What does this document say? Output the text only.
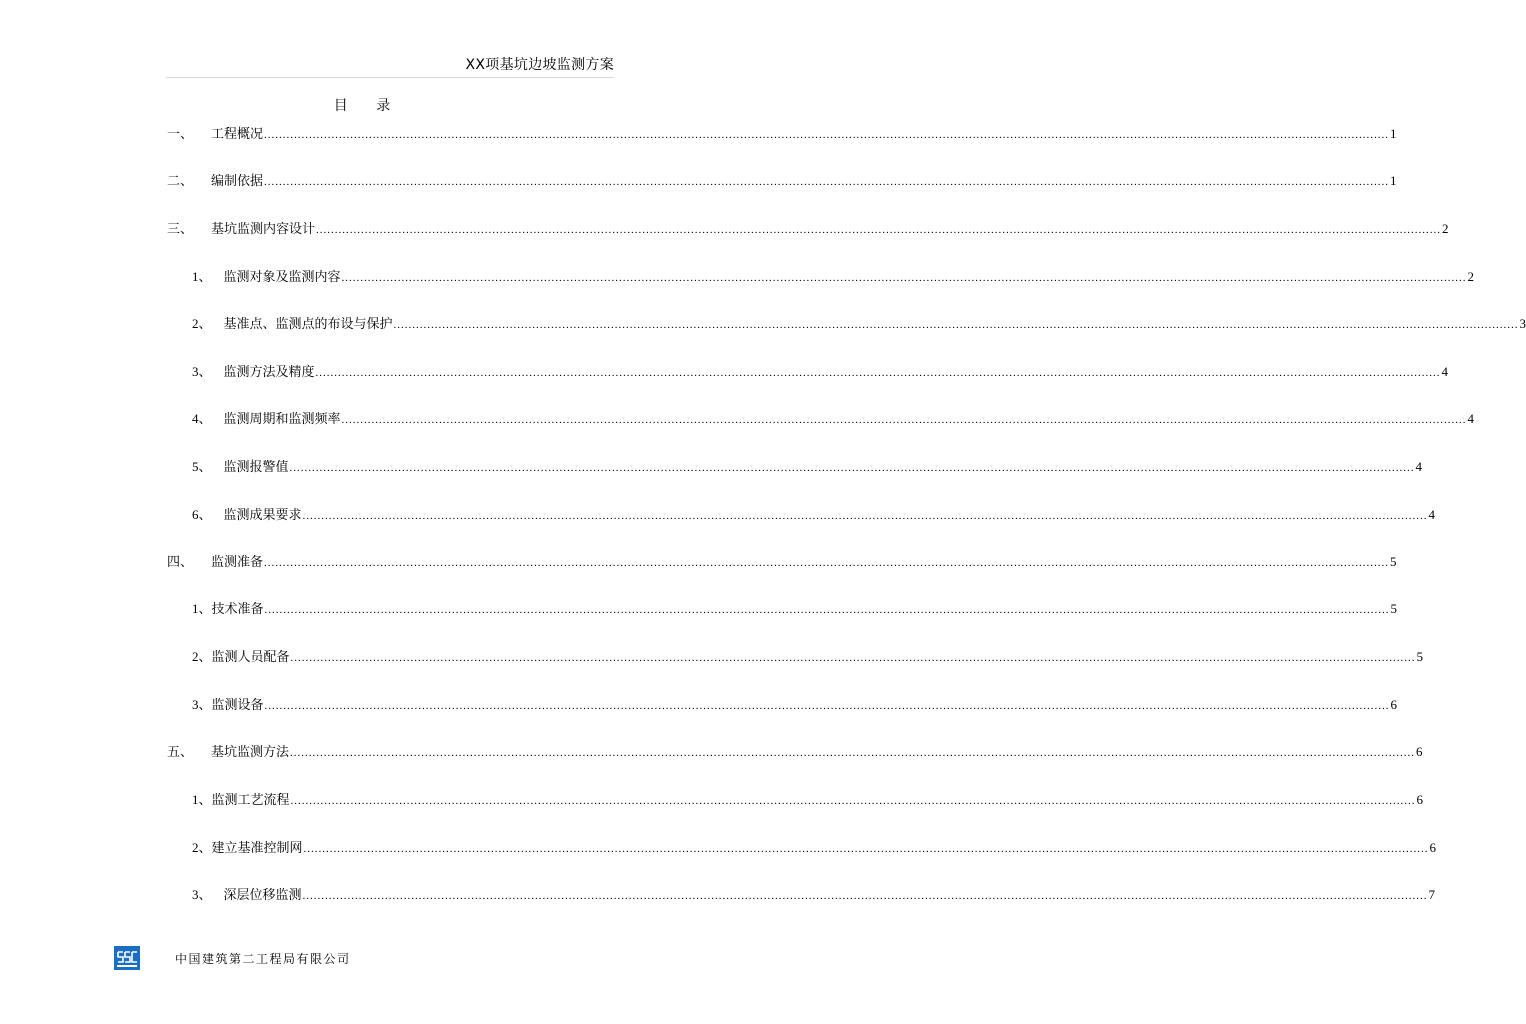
XX项基坑边坡监测方案
目 录
一、 工程概况 ............................................................................................................................................................................................................................................................................................................ 1
二、 编制依据 ............................................................................................................................................................................................................................................................................................................ 1
三、 基坑监测内容设计 ............................................................................................................................................................................................................................................................................................................ 2
1、 监测对象及监测内容 ............................................................................................................................................................................................................................................................................................................ 2
2、 基准点、监测点的布设与保护 ............................................................................................................................................................................................................................................................................................................ 3
3、 监测方法及精度 ............................................................................................................................................................................................................................................................................................................ 4
4、 监测周期和监测频率 ............................................................................................................................................................................................................................................................................................................ 4
5、 监测报警值 ............................................................................................................................................................................................................................................................................................................ 4
6、 监测成果要求 ............................................................................................................................................................................................................................................................................................................ 4
四、 监测准备 ............................................................................................................................................................................................................................................................................................................ 5
1、 技术准备 ............................................................................................................................................................................................................................................................................................................ 5
2、 监测人员配备 ............................................................................................................................................................................................................................................................................................................ 5
3、 监测设备 ............................................................................................................................................................................................................................................................................................................ 6
五、 基坑监测方法 ............................................................................................................................................................................................................................................................................................................ 6
1、 监测工艺流程 ............................................................................................................................................................................................................................................................................................................ 6
2、 建立基准控制网 ............................................................................................................................................................................................................................................................................................................ 6
3、 深层位移监测 ............................................................................................................................................................................................................................................................................................................ 7
中国建筑第二工程局有限公司
